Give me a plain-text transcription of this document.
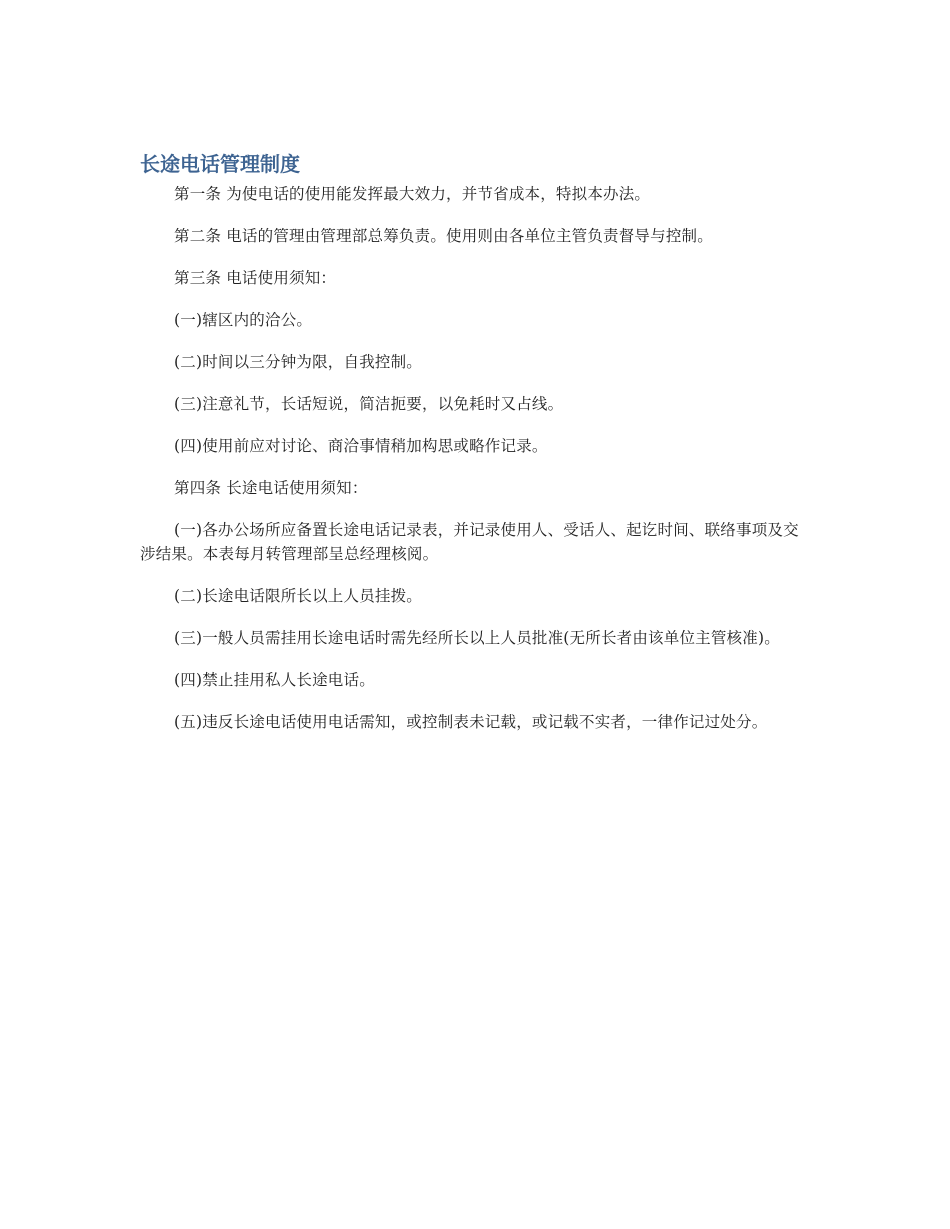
长途电话管理制度

第一条 为使电话的使用能发挥最大效力，并节省成本，特拟本办法。

第二条 电话的管理由管理部总筹负责。使用则由各单位主管负责督导与控制。

第三条 电话使用须知：

(一)辖区内的洽公。

(二)时间以三分钟为限，自我控制。

(三)注意礼节，长话短说，简洁扼要，以免耗时又占线。

(四)使用前应对讨论、商洽事情稍加构思或略作记录。

第四条 长途电话使用须知：

(一)各办公场所应备置长途电话记录表，并记录使用人、受话人、起讫时间、联络事项及交涉结果。本表每月转管理部呈总经理核阅。

(二)长途电话限所长以上人员挂拨。

(三)一般人员需挂用长途电话时需先经所长以上人员批准(无所长者由该单位主管核准)。

(四)禁止挂用私人长途电话。

(五)违反长途电话使用电话需知，或控制表未记载，或记载不实者，一律作记过处分。
